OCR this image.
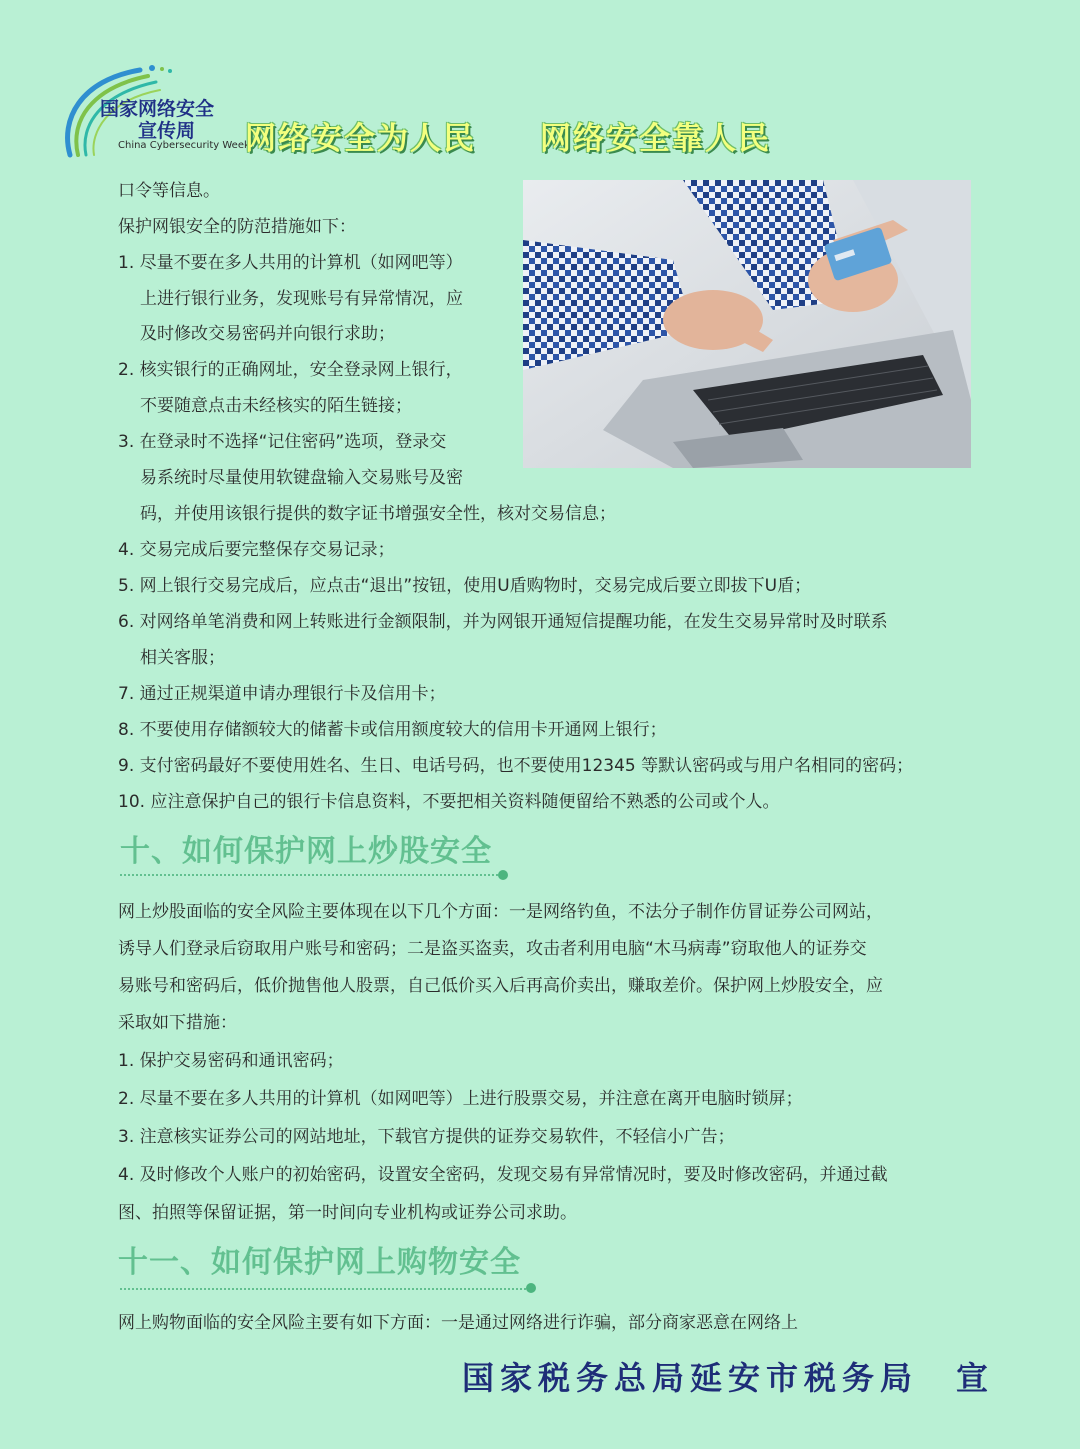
国家网络安全
宣传周
China Cybersecurity Week
网络安全为人民 网络安全靠人民
口令等信息。
保护网银安全的防范措施如下：
1. 尽量不要在多人共用的计算机（如网吧等）
上进行银行业务，发现账号有异常情况，应
及时修改交易密码并向银行求助；
2. 核实银行的正确网址，安全登录网上银行，
不要随意点击未经核实的陌生链接；
3. 在登录时不选择“记住密码”选项，登录交
易系统时尽量使用软键盘输入交易账号及密
码，并使用该银行提供的数字证书增强安全性，核对交易信息；
4. 交易完成后要完整保存交易记录；
5. 网上银行交易完成后，应点击“退出”按钮，使用U盾购物时，交易完成后要立即拔下U盾；
6. 对网络单笔消费和网上转账进行金额限制，并为网银开通短信提醒功能，在发生交易异常时及时联系
相关客服；
7. 通过正规渠道申请办理银行卡及信用卡；
8. 不要使用存储额较大的储蓄卡或信用额度较大的信用卡开通网上银行；
9. 支付密码最好不要使用姓名、生日、电话号码，也不要使用12345 等默认密码或与用户名相同的密码；
10. 应注意保护自己的银行卡信息资料，不要把相关资料随便留给不熟悉的公司或个人。
十、如何保护网上炒股安全
网上炒股面临的安全风险主要体现在以下几个方面：一是网络钓鱼，不法分子制作仿冒证券公司网站，
诱导人们登录后窃取用户账号和密码；二是盗买盗卖，攻击者利用电脑“木马病毒”窃取他人的证券交
易账号和密码后，低价抛售他人股票，自己低价买入后再高价卖出，赚取差价。保护网上炒股安全，应
采取如下措施：
1. 保护交易密码和通讯密码；
2. 尽量不要在多人共用的计算机（如网吧等）上进行股票交易，并注意在离开电脑时锁屏；
3. 注意核实证券公司的网站地址，下载官方提供的证券交易软件，不轻信小广告；
4. 及时修改个人账户的初始密码，设置安全密码，发现交易有异常情况时，要及时修改密码，并通过截
图、拍照等保留证据，第一时间向专业机构或证券公司求助。
十一、如何保护网上购物安全
网上购物面临的安全风险主要有如下方面：一是通过网络进行诈骗，部分商家恶意在网络上
国家税务总局延安市税务局　宣
